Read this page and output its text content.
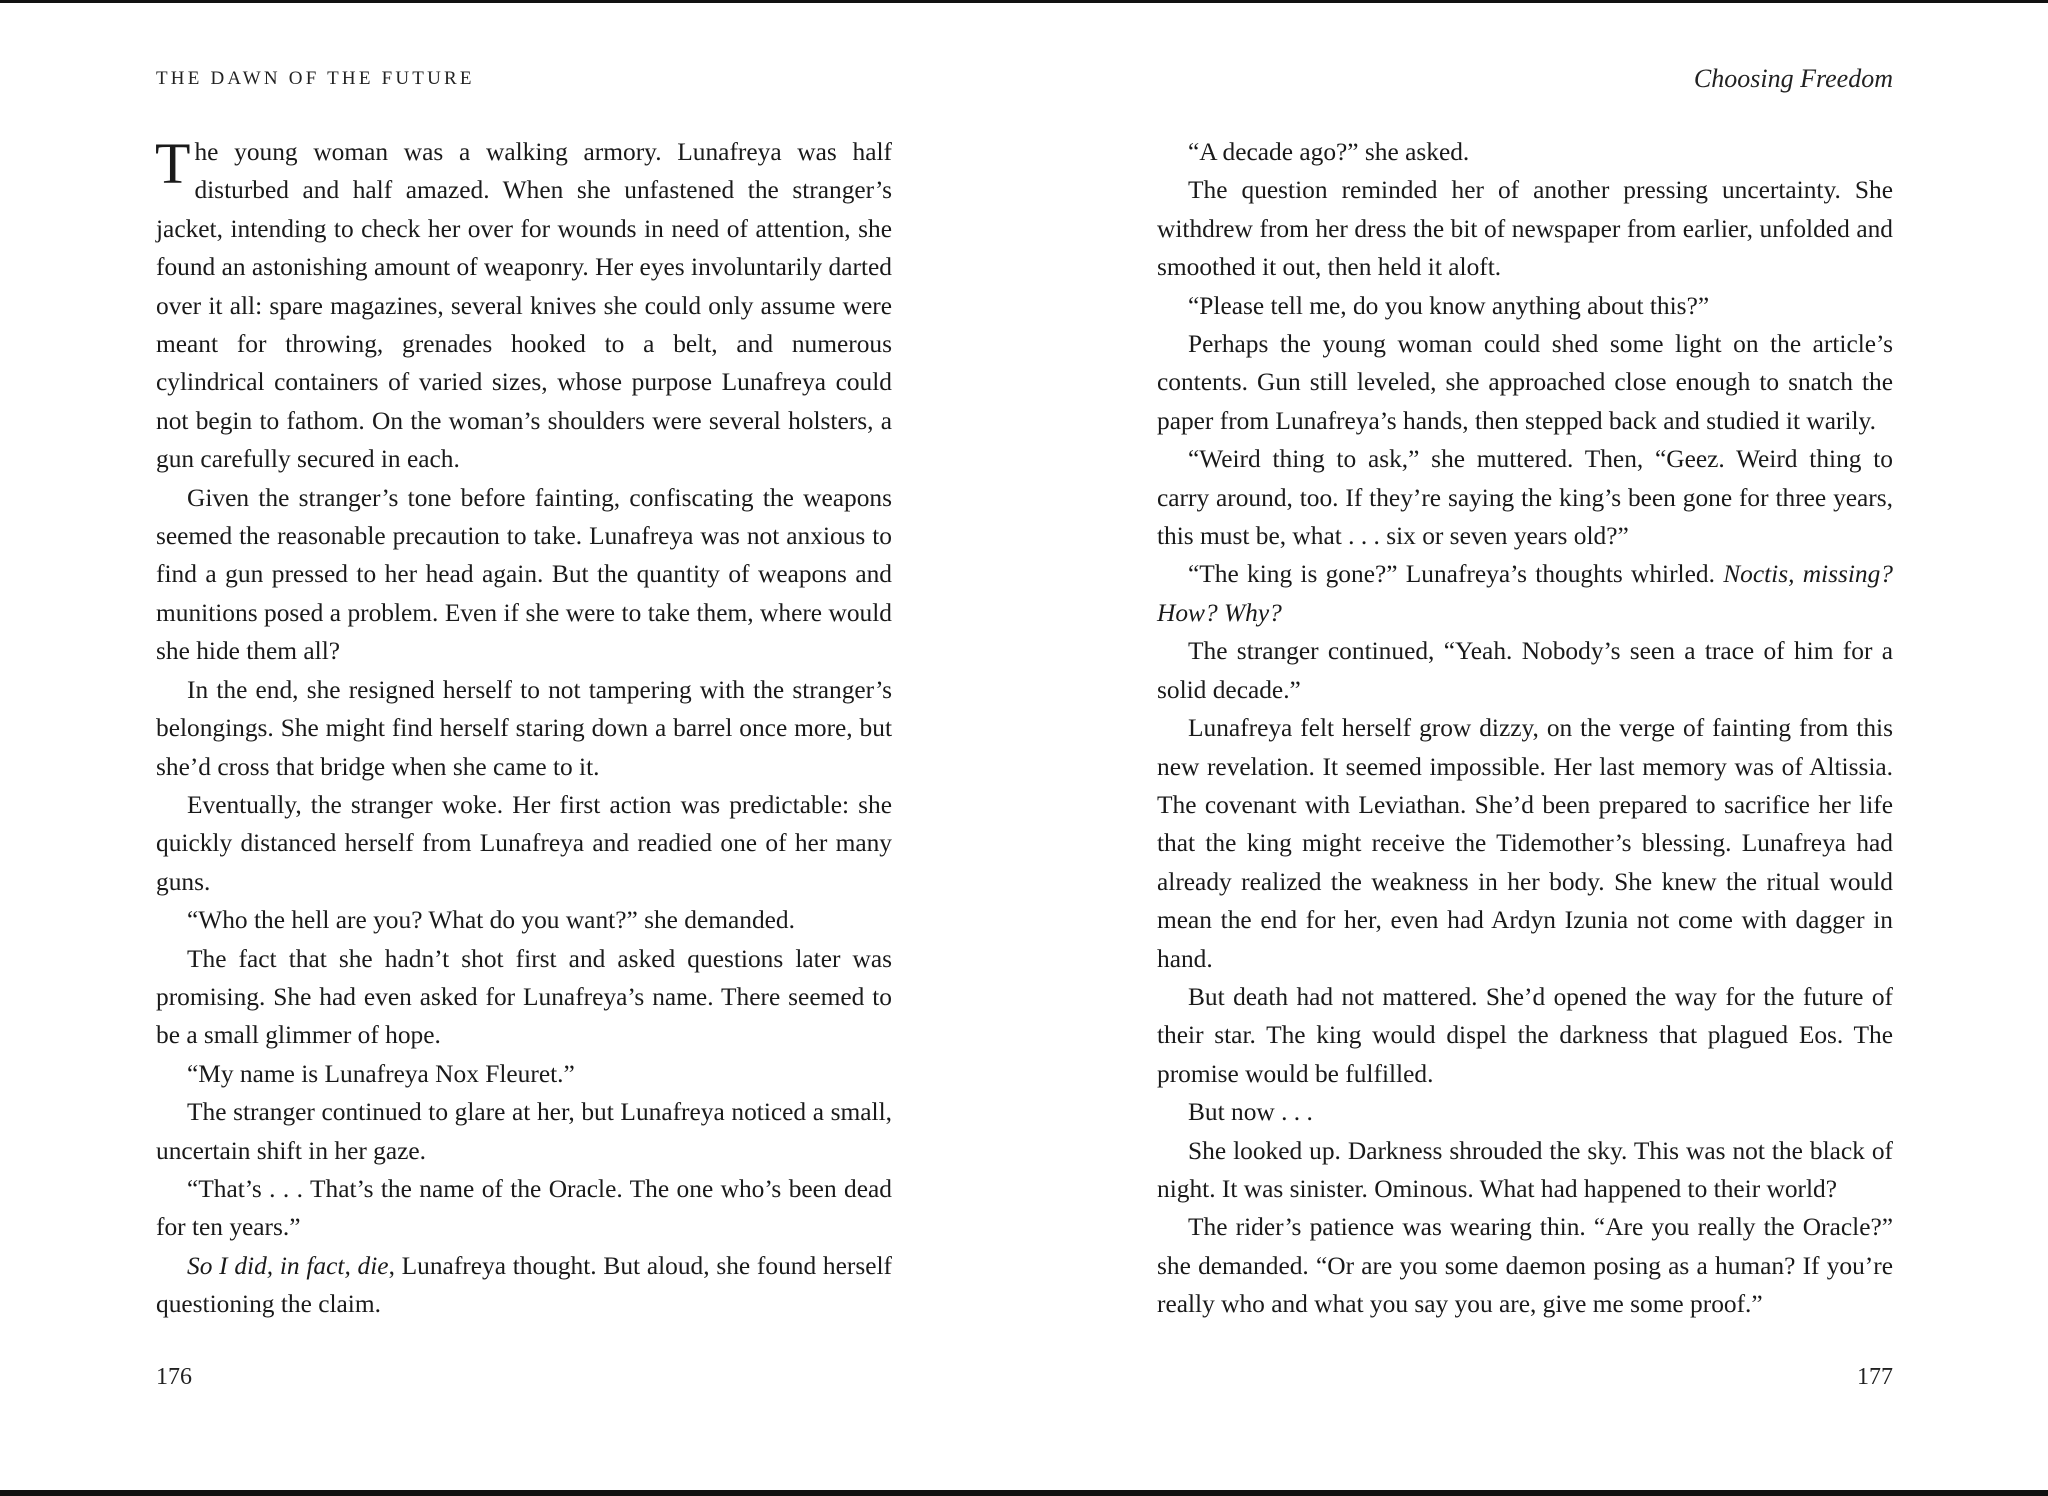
THE DAWN OF THE FUTURE

The young woman was a walking armory. Lunafreya was half disturbed and half amazed. When she unfastened the stranger’s jacket, intending to check her over for wounds in need of attention, she found an astonishing amount of weaponry. Her eyes involuntarily darted over it all: spare magazines, several knives she could only assume were meant for throwing, grenades hooked to a belt, and numerous cylindrical containers of varied sizes, whose purpose Lunafreya could not begin to fathom. On the woman’s shoulders were several holsters, a gun carefully secured in each.

Given the stranger’s tone before fainting, confiscating the weapons seemed the reasonable precaution to take. Lunafreya was not anxious to find a gun pressed to her head again. But the quantity of weapons and munitions posed a problem. Even if she were to take them, where would she hide them all?

In the end, she resigned herself to not tampering with the stranger’s belongings. She might find herself staring down a barrel once more, but she’d cross that bridge when she came to it.

Eventually, the stranger woke. Her first action was predictable: she quickly distanced herself from Lunafreya and readied one of her many guns.

“Who the hell are you? What do you want?” she demanded.

The fact that she hadn’t shot first and asked questions later was promising. She had even asked for Lunafreya’s name. There seemed to be a small glimmer of hope.

“My name is Lunafreya Nox Fleuret.”

The stranger continued to glare at her, but Lunafreya noticed a small, uncertain shift in her gaze.

“That’s . . . That’s the name of the Oracle. The one who’s been dead for ten years.”

So I did, in fact, die, Lunafreya thought. But aloud, she found herself questioning the claim.

176
Choosing Freedom

“A decade ago?” she asked.

The question reminded her of another pressing uncertainty. She withdrew from her dress the bit of newspaper from earlier, unfolded and smoothed it out, then held it aloft.

“Please tell me, do you know anything about this?”

Perhaps the young woman could shed some light on the article’s contents. Gun still leveled, she approached close enough to snatch the paper from Lunafreya’s hands, then stepped back and studied it warily.

“Weird thing to ask,” she muttered. Then, “Geez. Weird thing to carry around, too. If they’re saying the king’s been gone for three years, this must be, what . . . six or seven years old?”

“The king is gone?” Lunafreya’s thoughts whirled. Noctis, missing? How? Why?

The stranger continued, “Yeah. Nobody’s seen a trace of him for a solid decade.”

Lunafreya felt herself grow dizzy, on the verge of fainting from this new revelation. It seemed impossible. Her last memory was of Altissia. The covenant with Leviathan. She’d been prepared to sacrifice her life that the king might receive the Tidemother’s blessing. Lunafreya had already realized the weakness in her body. She knew the ritual would mean the end for her, even had Ardyn Izunia not come with dagger in hand.

But death had not mattered. She’d opened the way for the future of their star. The king would dispel the darkness that plagued Eos. The promise would be fulfilled.

But now . . .

She looked up. Darkness shrouded the sky. This was not the black of night. It was sinister. Ominous. What had happened to their world?

The rider’s patience was wearing thin. “Are you really the Oracle?” she demanded. “Or are you some daemon posing as a human? If you’re really who and what you say you are, give me some proof.”

177
